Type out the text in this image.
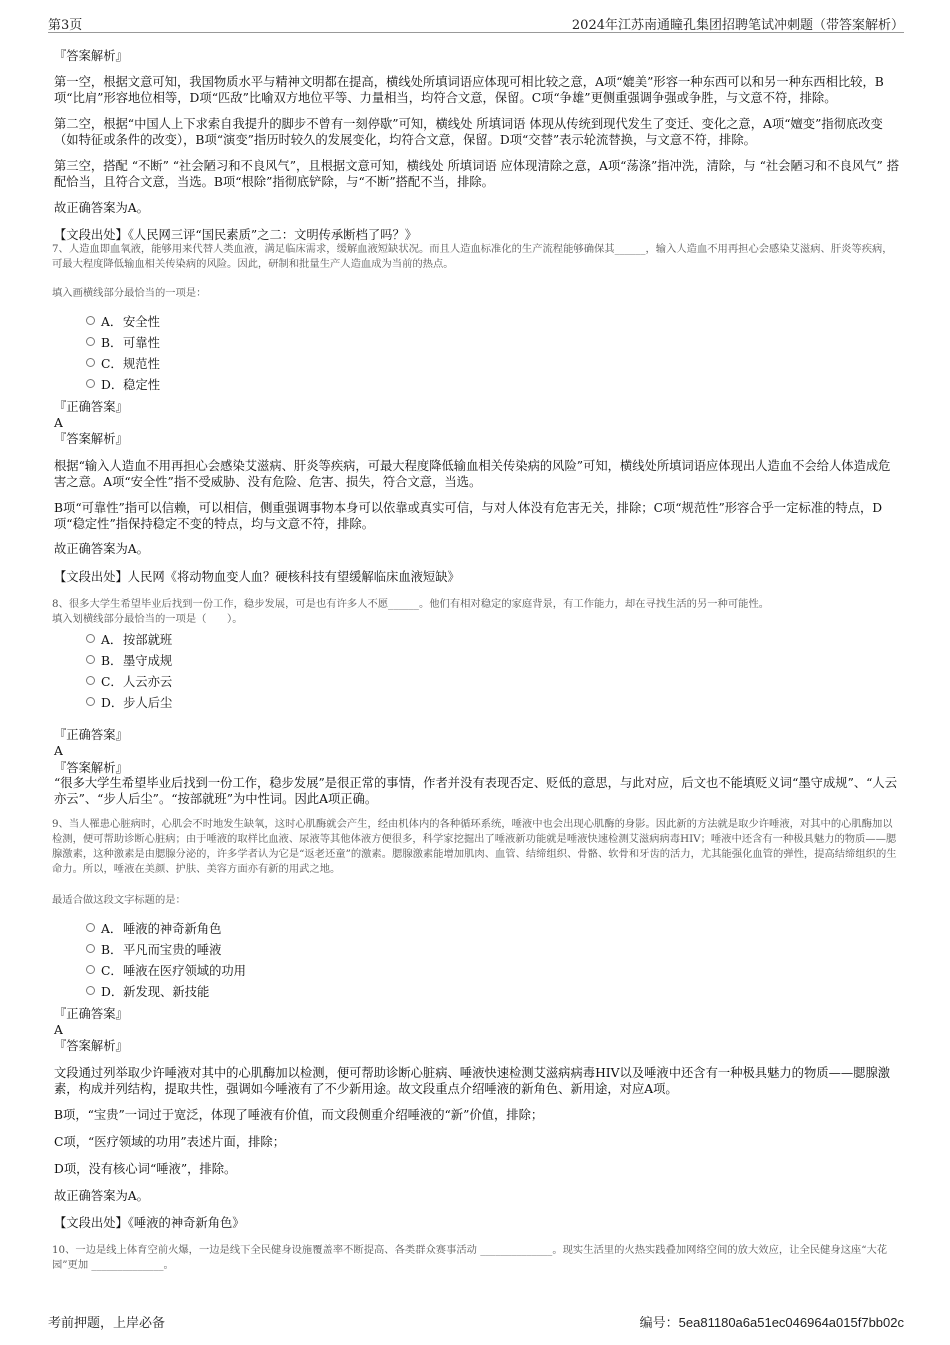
第3页	2024年江苏南通瞳孔集团招聘笔试冲刺题（带答案解析）
『答案解析』
第一空，根据文意可知，我国物质水平与精神文明都在提高，横线处所填词语应体现可相比较之意，A项“媲美”形容一种东西可以和另一种东西相比较，B项“比肩”形容地位相等，D项“匹敌”比喻双方地位平等、力量相当，均符合文意，保留。C项“争雄”更侧重强调争强或争胜，与文意不符，排除。
第二空，根据“中国人上下求索自我提升的脚步不曾有一刻停歇”可知，横线处 所填词语 体现从传统到现代发生了变迁、变化之意，A项“嬗变”指彻底改变（如特征或条件的改变），B项“演变”指历时较久的发展变化，均符合文意，保留。D项“交替”表示轮流替换，与文意不符，排除。
第三空，搭配 “不断” “社会陋习和不良风气”，且根据文意可知，横线处 所填词语 应体现清除之意，A项“荡涤”指冲洗，清除，与 “社会陋习和不良风气” 搭配恰当，且符合文意，当选。B项“根除”指彻底铲除，与“不断”搭配不当，排除。
故正确答案为A。
【文段出处】《人民网三评“国民素质”之二：文明传承断档了吗？》
7、人造血即血氧液，能够用来代替人类血液，满足临床需求，缓解血液短缺状况。而且人造血标准化的生产流程能够确保其______，输入人造血不用再担心会感染艾滋病、肝炎等疾病，可最大程度降低输血相关传染病的风险。因此，研制和批量生产人造血成为当前的热点。
填入画横线部分最恰当的一项是：
A．安全性
B．可靠性
C．规范性
D．稳定性
『正确答案』
A
『答案解析』
根据“输入人造血不用再担心会感染艾滋病、肝炎等疾病，可最大程度降低输血相关传染病的风险”可知，横线处所填词语应体现出人造血不会给人体造成危害之意。A项“安全性”指不受威胁、没有危险、危害、损失，符合文意，当选。
B项“可靠性”指可以信赖，可以相信，侧重强调事物本身可以依靠或真实可信，与对人体没有危害无关，排除；C项“规范性”形容合乎一定标准的特点，D项“稳定性”指保持稳定不变的特点，均与文意不符，排除。
故正确答案为A。
【文段出处】人民网《将动物血变人血？硬核科技有望缓解临床血液短缺》
8、很多大学生希望毕业后找到一份工作，稳步发展，可是也有许多人不愿______。他们有相对稳定的家庭背景，有工作能力，却在寻找生活的另一种可能性。
填入划横线部分最恰当的一项是（　　）。
A．按部就班
B．墨守成规
C．人云亦云
D．步人后尘
『正确答案』
A
『答案解析』
“很多大学生希望毕业后找到一份工作，稳步发展”是很正常的事情，作者并没有表现否定、贬低的意思，与此对应，后文也不能填贬义词“墨守成规”、“人云亦云”、“步人后尘”。“按部就班”为中性词。因此A项正确。
9、当人罹患心脏病时，心肌会不时地发生缺氧，这时心肌酶就会产生，经由机体内的各种循环系统，唾液中也会出现心肌酶的身影。因此新的方法就是取少许唾液，对其中的心肌酶加以检测，便可帮助诊断心脏病；由于唾液的取样比血液、尿液等其他体液方便很多，科学家挖掘出了唾液新功能就是唾液快速检测艾滋病病毒HIV；唾液中还含有一种极具魅力的物质——腮腺激素，这种激素是由腮腺分泌的，许多学者认为它是“返老还童”的激素。腮腺激素能增加肌肉、血管、结缔组织、骨骼、软骨和牙齿的活力，尤其能强化血管的弹性，提高结缔组织的生命力。所以，唾液在美颜、护肤、美容方面亦有新的用武之地。
最适合做这段文字标题的是：
A．唾液的神奇新角色
B．平凡而宝贵的唾液
C．唾液在医疗领域的功用
D．新发现、新技能
『正确答案』
A
『答案解析』
文段通过列举取少许唾液对其中的心肌酶加以检测，便可帮助诊断心脏病、唾液快速检测艾滋病病毒HIV以及唾液中还含有一种极具魅力的物质——腮腺激素，构成并列结构，提取共性，强调如今唾液有了不少新用途。故文段重点介绍唾液的新角色、新用途，对应A项。
B项，“宝贵”一词过于宽泛，体现了唾液有价值，而文段侧重介绍唾液的“新”价值，排除；
C项，“医疗领域的功用”表述片面，排除；
D项，没有核心词“唾液”，排除。
故正确答案为A。
【文段出处】《唾液的神奇新角色》
10、一边是线上体育空前火爆，一边是线下全民健身设施覆盖率不断提高、各类群众赛事活动 ______________。现实生活里的火热实践叠加网络空间的放大效应，让全民健身这座“大花园”更加 ______________。
考前押题，上岸必备	编号：5ea81180a6a51ec046964a015f7bb02c
